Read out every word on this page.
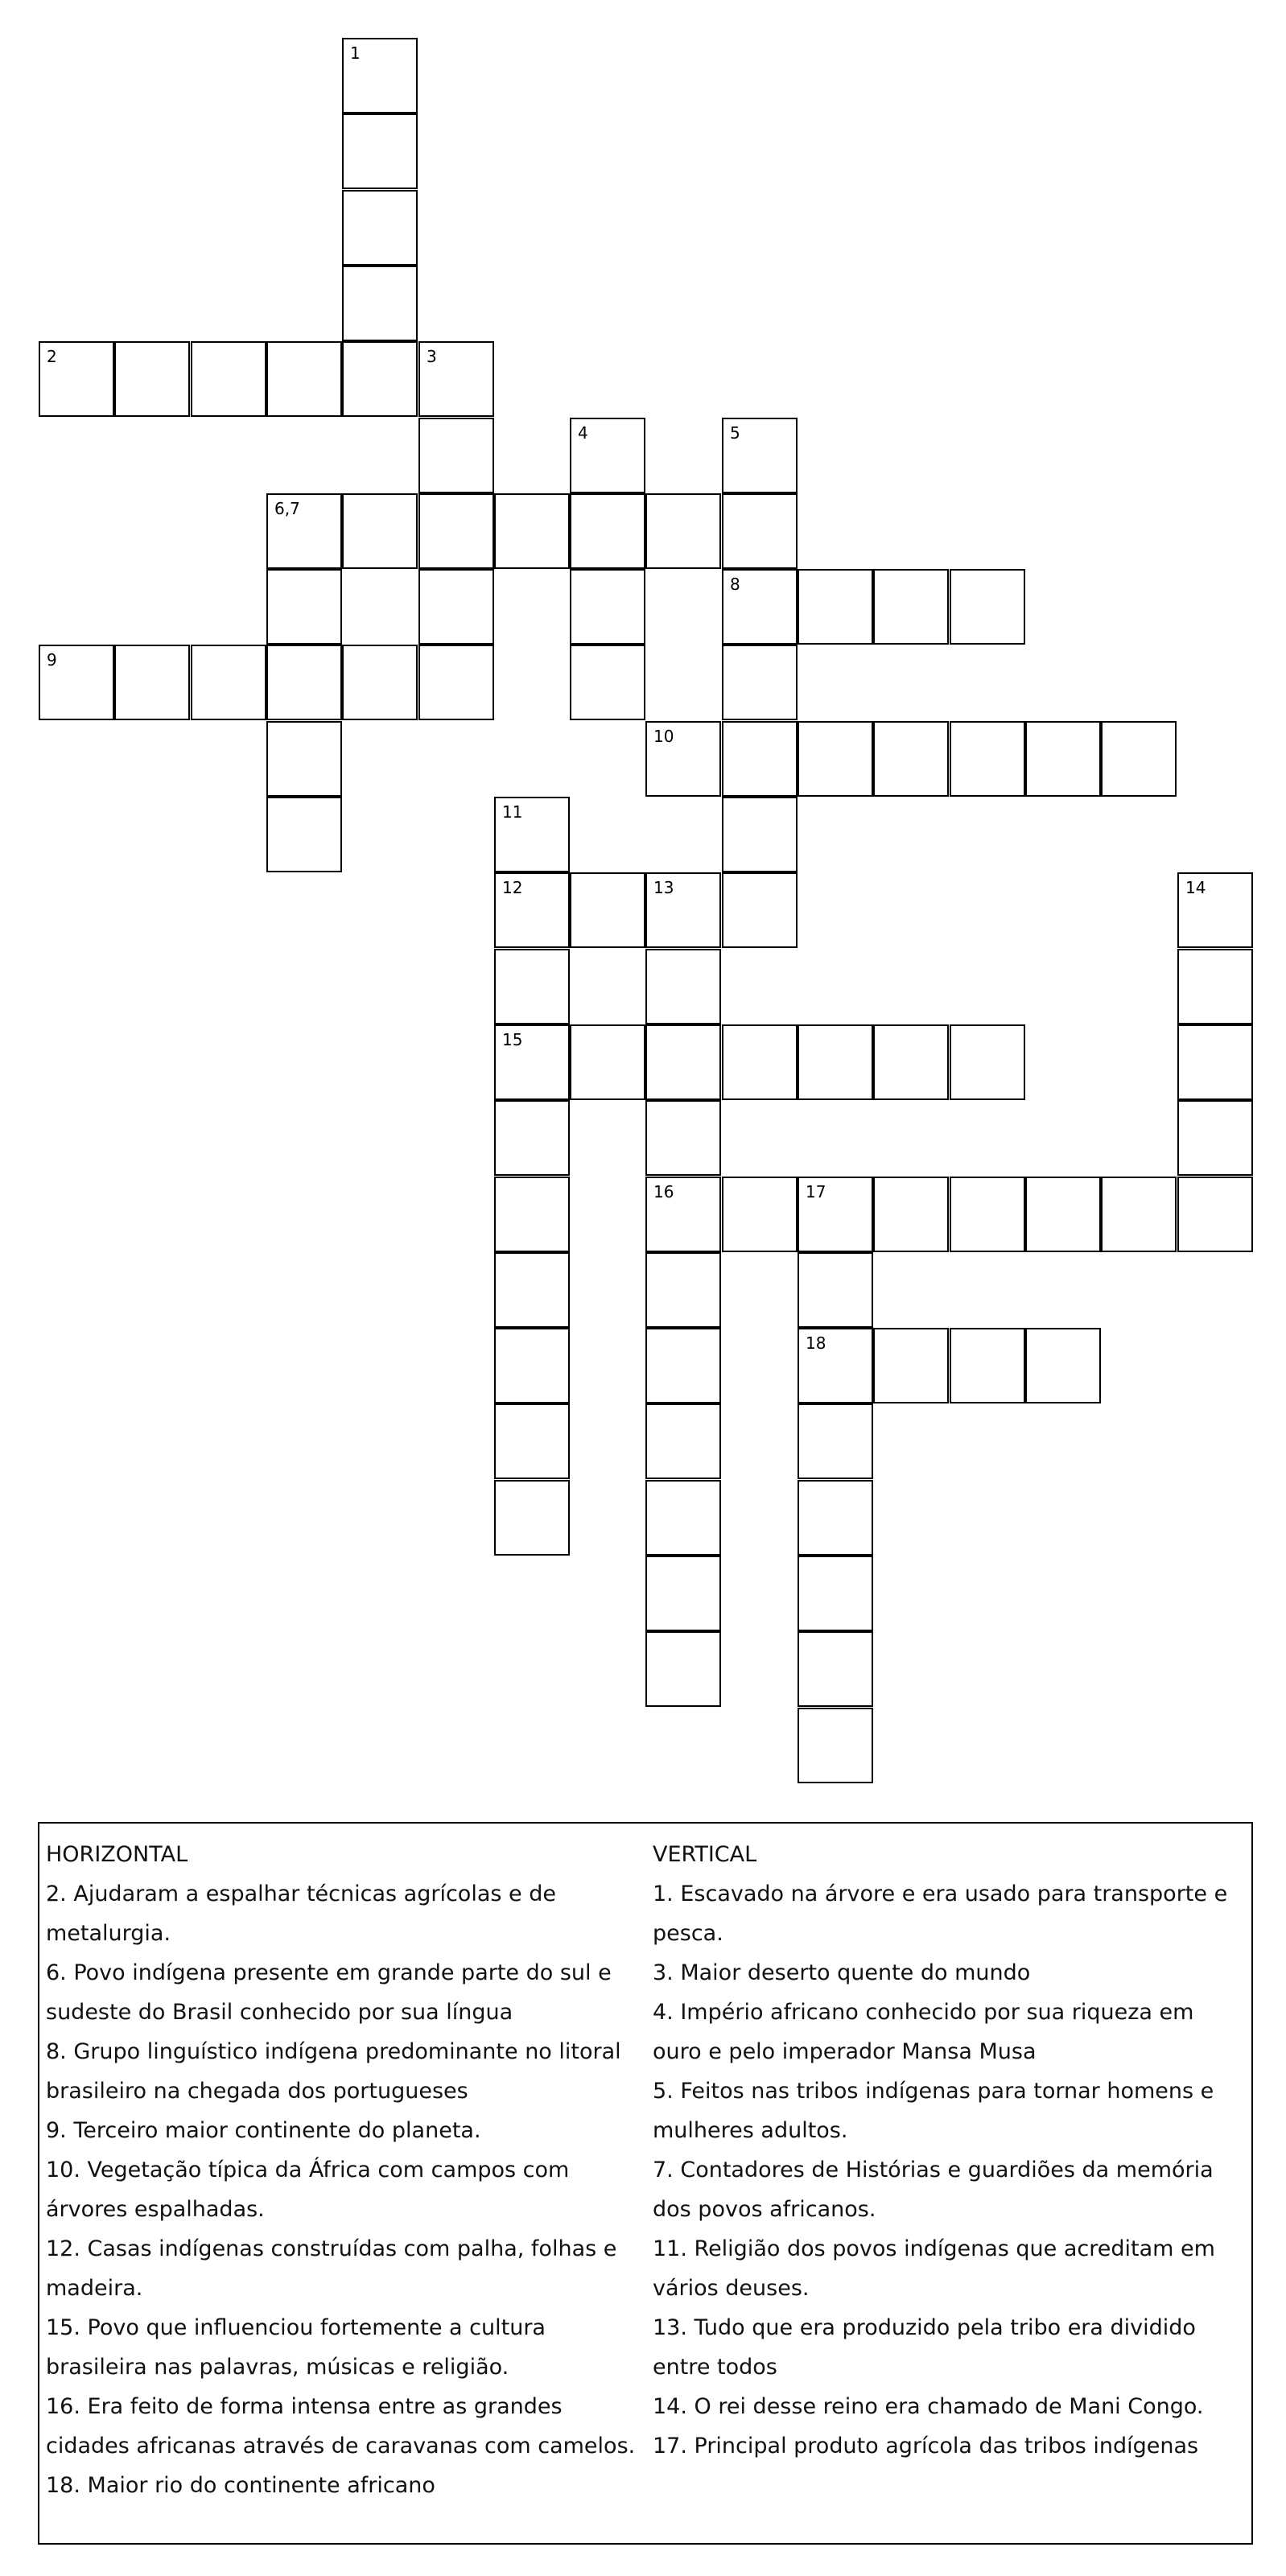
1
2	3
4	5
8
6,7
9
10
11
12
15
13
16
14
17
18
HORIZONTAL
2. Ajudaram a espalhar técnicas agrícolas e de metalurgia.
6. Povo indígena presente em grande parte do sul e sudeste do Brasil conhecido por sua língua
8. Grupo linguístico indígena predominante no litoral brasileiro na chegada dos portugueses
9. Terceiro maior continente do planeta.
10. Vegetação típica da África com campos com árvores espalhadas.
12. Casas indígenas construídas com palha, folhas e madeira.
15. Povo que influenciou fortemente a cultura brasileira nas palavras, músicas e religião.
16. Era feito de forma intensa entre as grandes cidades africanas através de caravanas com camelos.
18. Maior rio do continente africano
VERTICAL
1. Escavado na árvore e era usado para transporte e pesca.
3. Maior deserto quente do mundo
4. Império africano conhecido por sua riqueza em ouro e pelo imperador Mansa Musa
5. Feitos nas tribos indígenas para tornar homens e mulheres adultos.
7. Contadores de Histórias e guardiões da memória dos povos africanos.
11. Religião dos povos indígenas que acreditam em vários deuses.
13. Tudo que era produzido pela tribo era dividido entre todos
14. O rei desse reino era chamado de Mani Congo.
17. Principal produto agrícola das tribos indígenas
